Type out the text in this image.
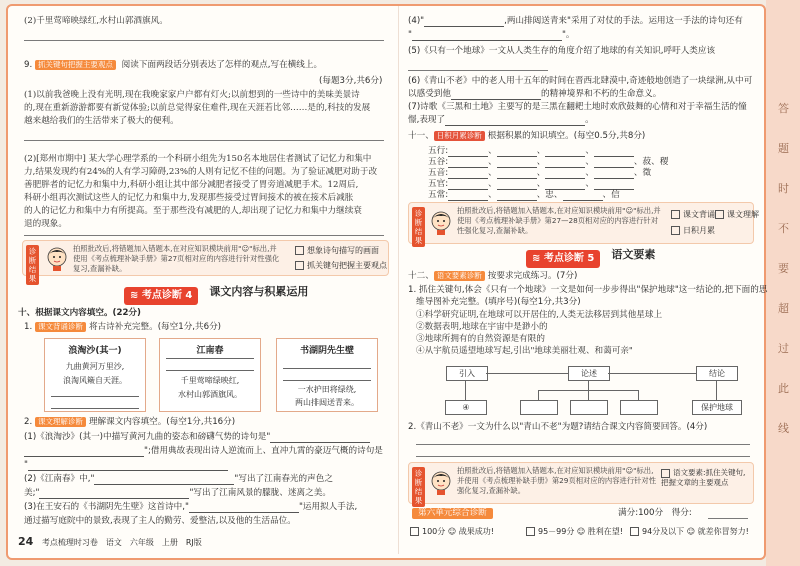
答
题
时
不
要
超
过
此
线
(2)千里莺啼映绿红,水村山郭酒旗风。
9. 抓关键句把握主要观点 阅读下面两段话分别表达了怎样的观点,写在横线上。
(每题3分,共6分)
(1)以前我爸晚上没有光明,现在我晚家家户户都有灯火;以前想到的一些诗中的美味美景诗
的,现在重新游游都要有新觉体验;以前总觉得家住难件,现在天涯若比邻……是的,科技的发展
越来越给我们的生活带来了极大的便利。
(2)[郑州市期中] 某大学心理学系的一个科研小组先为150名本地居住者测试了记忆力和集中
力,结果发现约有24%的人有学习障碍,23%的人则有记忆不佳的问题。为了验证减肥对助于改
善肥胖者的记忆力和集中力,科研小组让其中部分减肥者接受了胃旁道减肥手术。12周后,
科研小组再次测试这些人的记忆力和集中力,发现那些接受过胃间接术的被在接术后减胀
的人的记忆力和集中力有所提高。至于那些没有减肥的人,却出现了记忆力和集中力继续衰
退的现象。
诊断结果
拍照批改后,将错题加入错题本,在对应知识模块前用"☺"标出,并使用《考点梳理补缺手册》第27页相对应的内容进行针对性强化复习,查漏补缺。
想象诗句描写的画面
抓关键句把握主要观点
≋ 考点诊断 4 课文内容与积累运用
十、根据课文内容填空。(22分)
1. 课文背诵诊断 将古诗补充完整。(每空1分,共6分)
浪淘沙(其一)
九曲黄河万里沙,
浪淘风簸自天涯。
江南春
千里莺啼绿映红,
水村山郭酒旗风。
书湖阴先生壁
一水护田将绿绕,
两山排闼送青来。
2. 课文理解诊断 理解课文内容填空。(每空1分,共16分)
(1)《浪淘沙》(其一)中描写黄河九曲的姿态和磅礴气势的诗句是"
";借用典故表现出诗人逆流而上、直冲九霄的豪迈气概的诗句是
"
(2)《江南春》中,"	"写出了江南春光的声色之
美;"	"写出了江南风景的朦胧、迷离之美。
(3)在王安石的《书湖阴先生壁》这首诗中,"	"运用拟人手法,
通过描写庭院中的景致,表现了主人的勤劳、爱整洁,以及他的生活品位。
24 考点梳理时习卷　语文　六年级　上册　RJ版
(4)"	,两山排闼送青来"采用了对仗的手法。运用这一手法的诗句还有
"	"。
(5)《只有一个地球》一文从人类生存的角度介绍了地球的有关知识,呼吁人类应该
(6)《青山不老》中的老人用十五年的时间在晋西北肆漠中,奇迹般地创造了一块绿洲,从中可
以感受到他	的精神境界和不朽的生命意义。
(7)诗歌《三黑和土地》主要写的是三黑在翻耙土地时欢欣鼓舞的心情和对于幸福生活的憧
憬,表现了	。
十一、 日积月累诊断 根据积累的知识填空。(每空0.5分,共8分)
五行:	、	、	、
五谷:	、	、	、	、菽、稷
五音:	、	、	、	、徵
五官:	、	、	、
五常:	、	、忠、	、信
诊断结果
拍照批改后,将错题加入错题本,在对应知识模块前用"☺"标出,并使用《考点梳理补缺手册》第27—28页相对应的内容进行针对性强化复习,查漏补缺。
课文背诵	课文理解
日积月累
≋ 考点诊断 5 语文要素
十二、 语文要素诊断 按要求完成练习。(7分)
1. 抓住关键句,体会《只有一个地球》一文是如何一步步得出"保护地球"这一结论的,把下面的思
维导图补充完整。(填序号)(每空1分,共3分)
①科学研究证明,在地球可以开居住的,人类无法移居到其他星球上
②数据表明,地球在宇宙中是渺小的
③地球所拥有的自然资源是有限的
④从宇航员遥望地球写起,引出"地球美丽壮观、和蔼可亲"
引入	论述	结论
④	保护地球
2.《青山不老》一文为什么以"青山不老"为题?请结合课文内容简要回答。(4分)
诊断结果
拍照批改后,将错题加入错题本,在对应知识模块前用"☺"标出,并使用《考点梳理补缺手册》第29页相对应的内容进行针对性强化复习,查漏补缺。
语文要素:抓住关键句,把握文章的主要观点
第六单元综合诊断	满分:100分　得分:
100分 ☺ 战果成功!	95－99分 ☺ 胜利在望!	94分及以下 ☺ 就差你冒努力!
